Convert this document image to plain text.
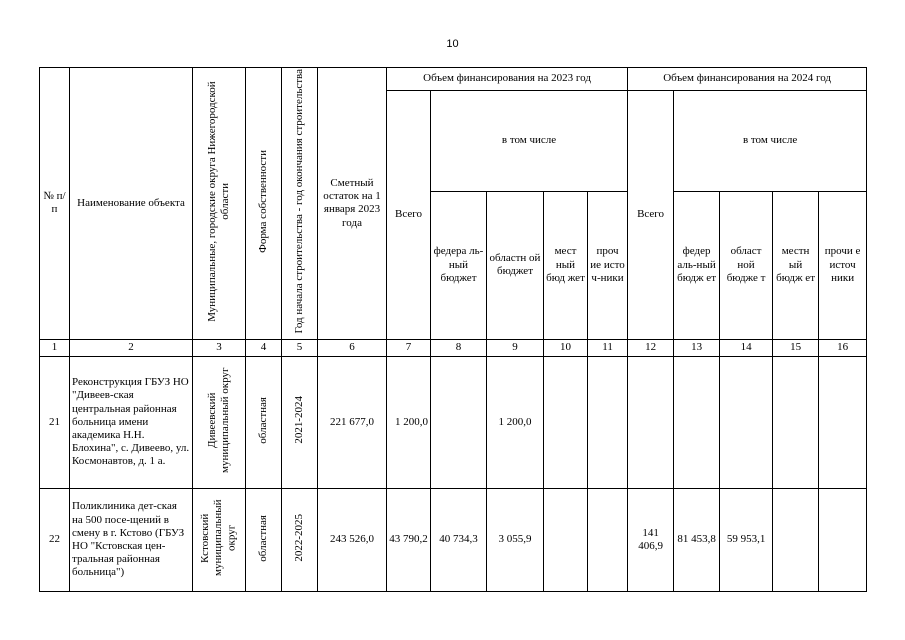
10
№ п/п	Наименование объекта	Муниципальные, городские округа Нижегородской области	Форма собственности	Год начала строительства - год окончания строительства	Сметный остаток на 1 января 2023 года	Объем финансирования на 2023 год					Объем финансирования на 2024 год				
						Всего	в том числе				Всего	в том числе			
							федера ль-ный бюджет	областн ой бюджет	мест ный бюд жет	проч ие исто ч-ники		федер аль-ный бюдж ет	област ной бюдже т	местн ый бюдж ет	прочи е источ ники
1	2	3	4	5	6	7	8	9	10	11	12	13	14	15	16
21	Реконструкция ГБУЗ НО "Дивеев-ская центральная районная больница имени академика Н.Н. Блохина", с. Дивеево, ул. Космонавтов, д. 1 а.	Дивеевский муниципальный округ	областная	2021-2024	221 677,0	1 200,0		1 200,0							
22	Поликлиника дет-ская на 500 посе-щений в смену в г. Кстово (ГБУЗ НО "Кстовская цен-тральная районная больница")	Кстовский муниципальный округ	областная	2022-2025	243 526,0	43 790,2	40 734,3	3 055,9			141 406,9	81 453,8	59 953,1		
